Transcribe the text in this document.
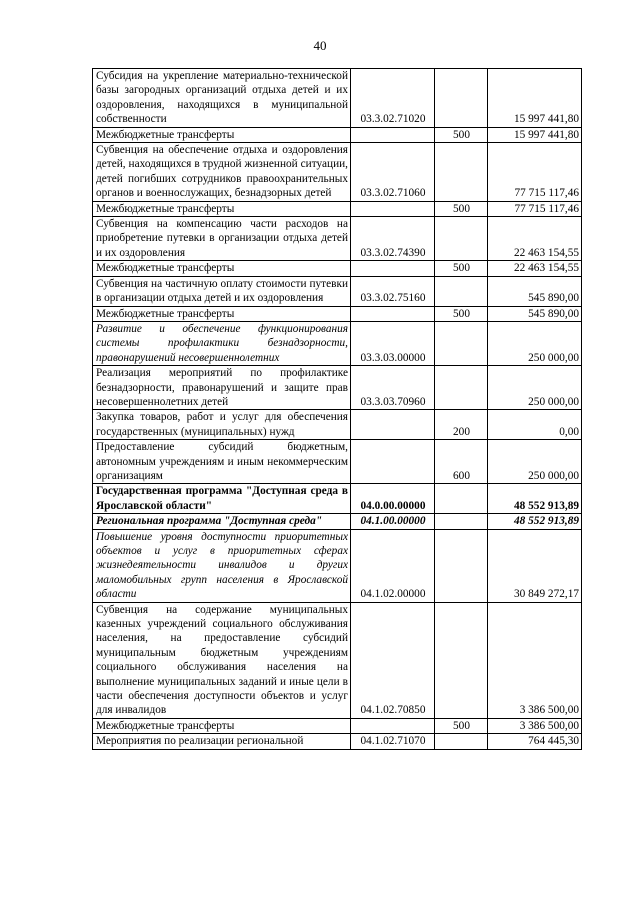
40
Субсидия на укрепление материально-технической базы загородных организаций отдыха детей и их оздоровления, находящихся в муниципальной собственности	03.3.02.71020		15 997 441,80
Межбюджетные трансферты		500	15 997 441,80
Субвенция на обеспечение отдыха и оздоровления детей, находящихся в трудной жизненной ситуации, детей погибших сотрудников правоохранительных органов и военнослужащих, безнадзорных детей	03.3.02.71060		77 715 117,46
Межбюджетные трансферты		500	77 715 117,46
Субвенция на компенсацию части расходов на приобретение путевки в организации отдыха детей и их оздоровления	03.3.02.74390		22 463 154,55
Межбюджетные трансферты		500	22 463 154,55
Субвенция на частичную оплату стоимости путевки в организации отдыха детей и их оздоровления	03.3.02.75160		545 890,00
Межбюджетные трансферты		500	545 890,00
Развитие и обеспечение функционирования системы профилактики безнадзорности, правонарушений несовершеннолетних	03.3.03.00000		250 000,00
Реализация мероприятий по профилактике безнадзорности, правонарушений и защите прав несовершеннолетних детей	03.3.03.70960		250 000,00
Закупка товаров, работ и услуг для обеспечения государственных (муниципальных) нужд		200	0,00
Предоставление субсидий бюджетным, автономным учреждениям и иным некоммерческим организациям		600	250 000,00
Государственная программа "Доступная среда в Ярославской области"	04.0.00.00000		48 552 913,89
Региональная программа "Доступная среда"	04.1.00.00000		48 552 913,89
Повышение уровня доступности приоритетных объектов и услуг в приоритетных сферах жизнедеятельности инвалидов и других маломобильных групп населения в Ярославской области	04.1.02.00000		30 849 272,17
Субвенция на содержание муниципальных казенных учреждений социального обслуживания населения, на предоставление субсидий муниципальным бюджетным учреждениям социального обслуживания населения на выполнение муниципальных заданий и иные цели в части обеспечения доступности объектов и услуг для инвалидов	04.1.02.70850		3 386 500,00
Межбюджетные трансферты		500	3 386 500,00
Мероприятия по реализации региональной	04.1.02.71070		764 445,30
